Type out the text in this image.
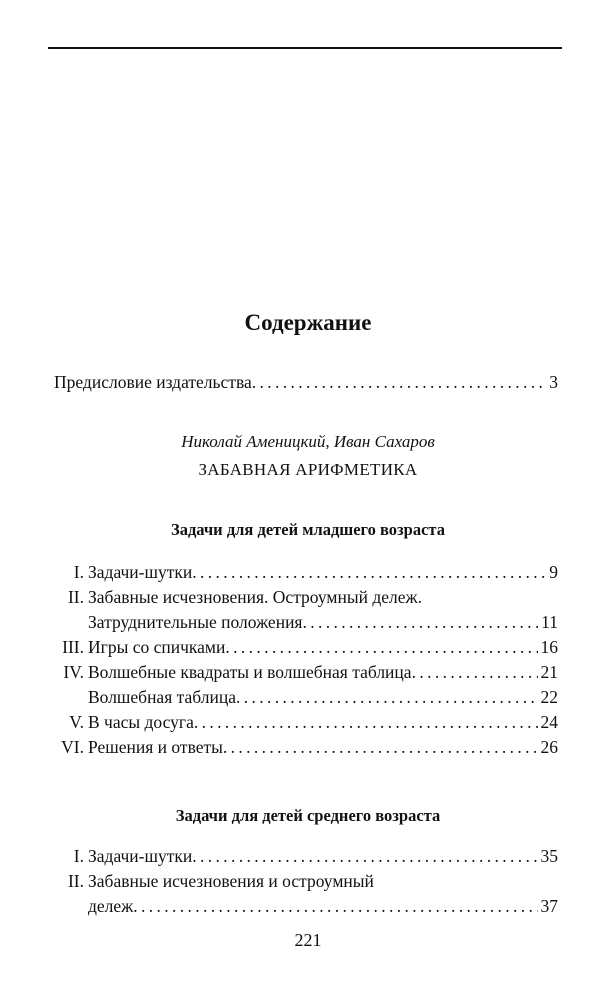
Содержание
Предисловие издательства . . .	3
Николай Аменицкий, Иван Сахаров
ЗАБАВНАЯ АРИФМЕТИКА
Задачи для детей младшего возраста
I. Задачи-шутки . . .	9
II. Забавные исчезновения. Остроумный дележ.
Затруднительные положения . . .	11
III. Игры со спичками . . .	16
IV. Волшебные квадраты и волшебная таблица . . .	21
Волшебная таблица . . .	22
V. В часы досуга . . .	24
VI. Решения и ответы . . .	26
Задачи для детей среднего возраста
I. Задачи-шутки . . .	35
II. Забавные исчезновения и остроумный
дележ . . .	37
221
